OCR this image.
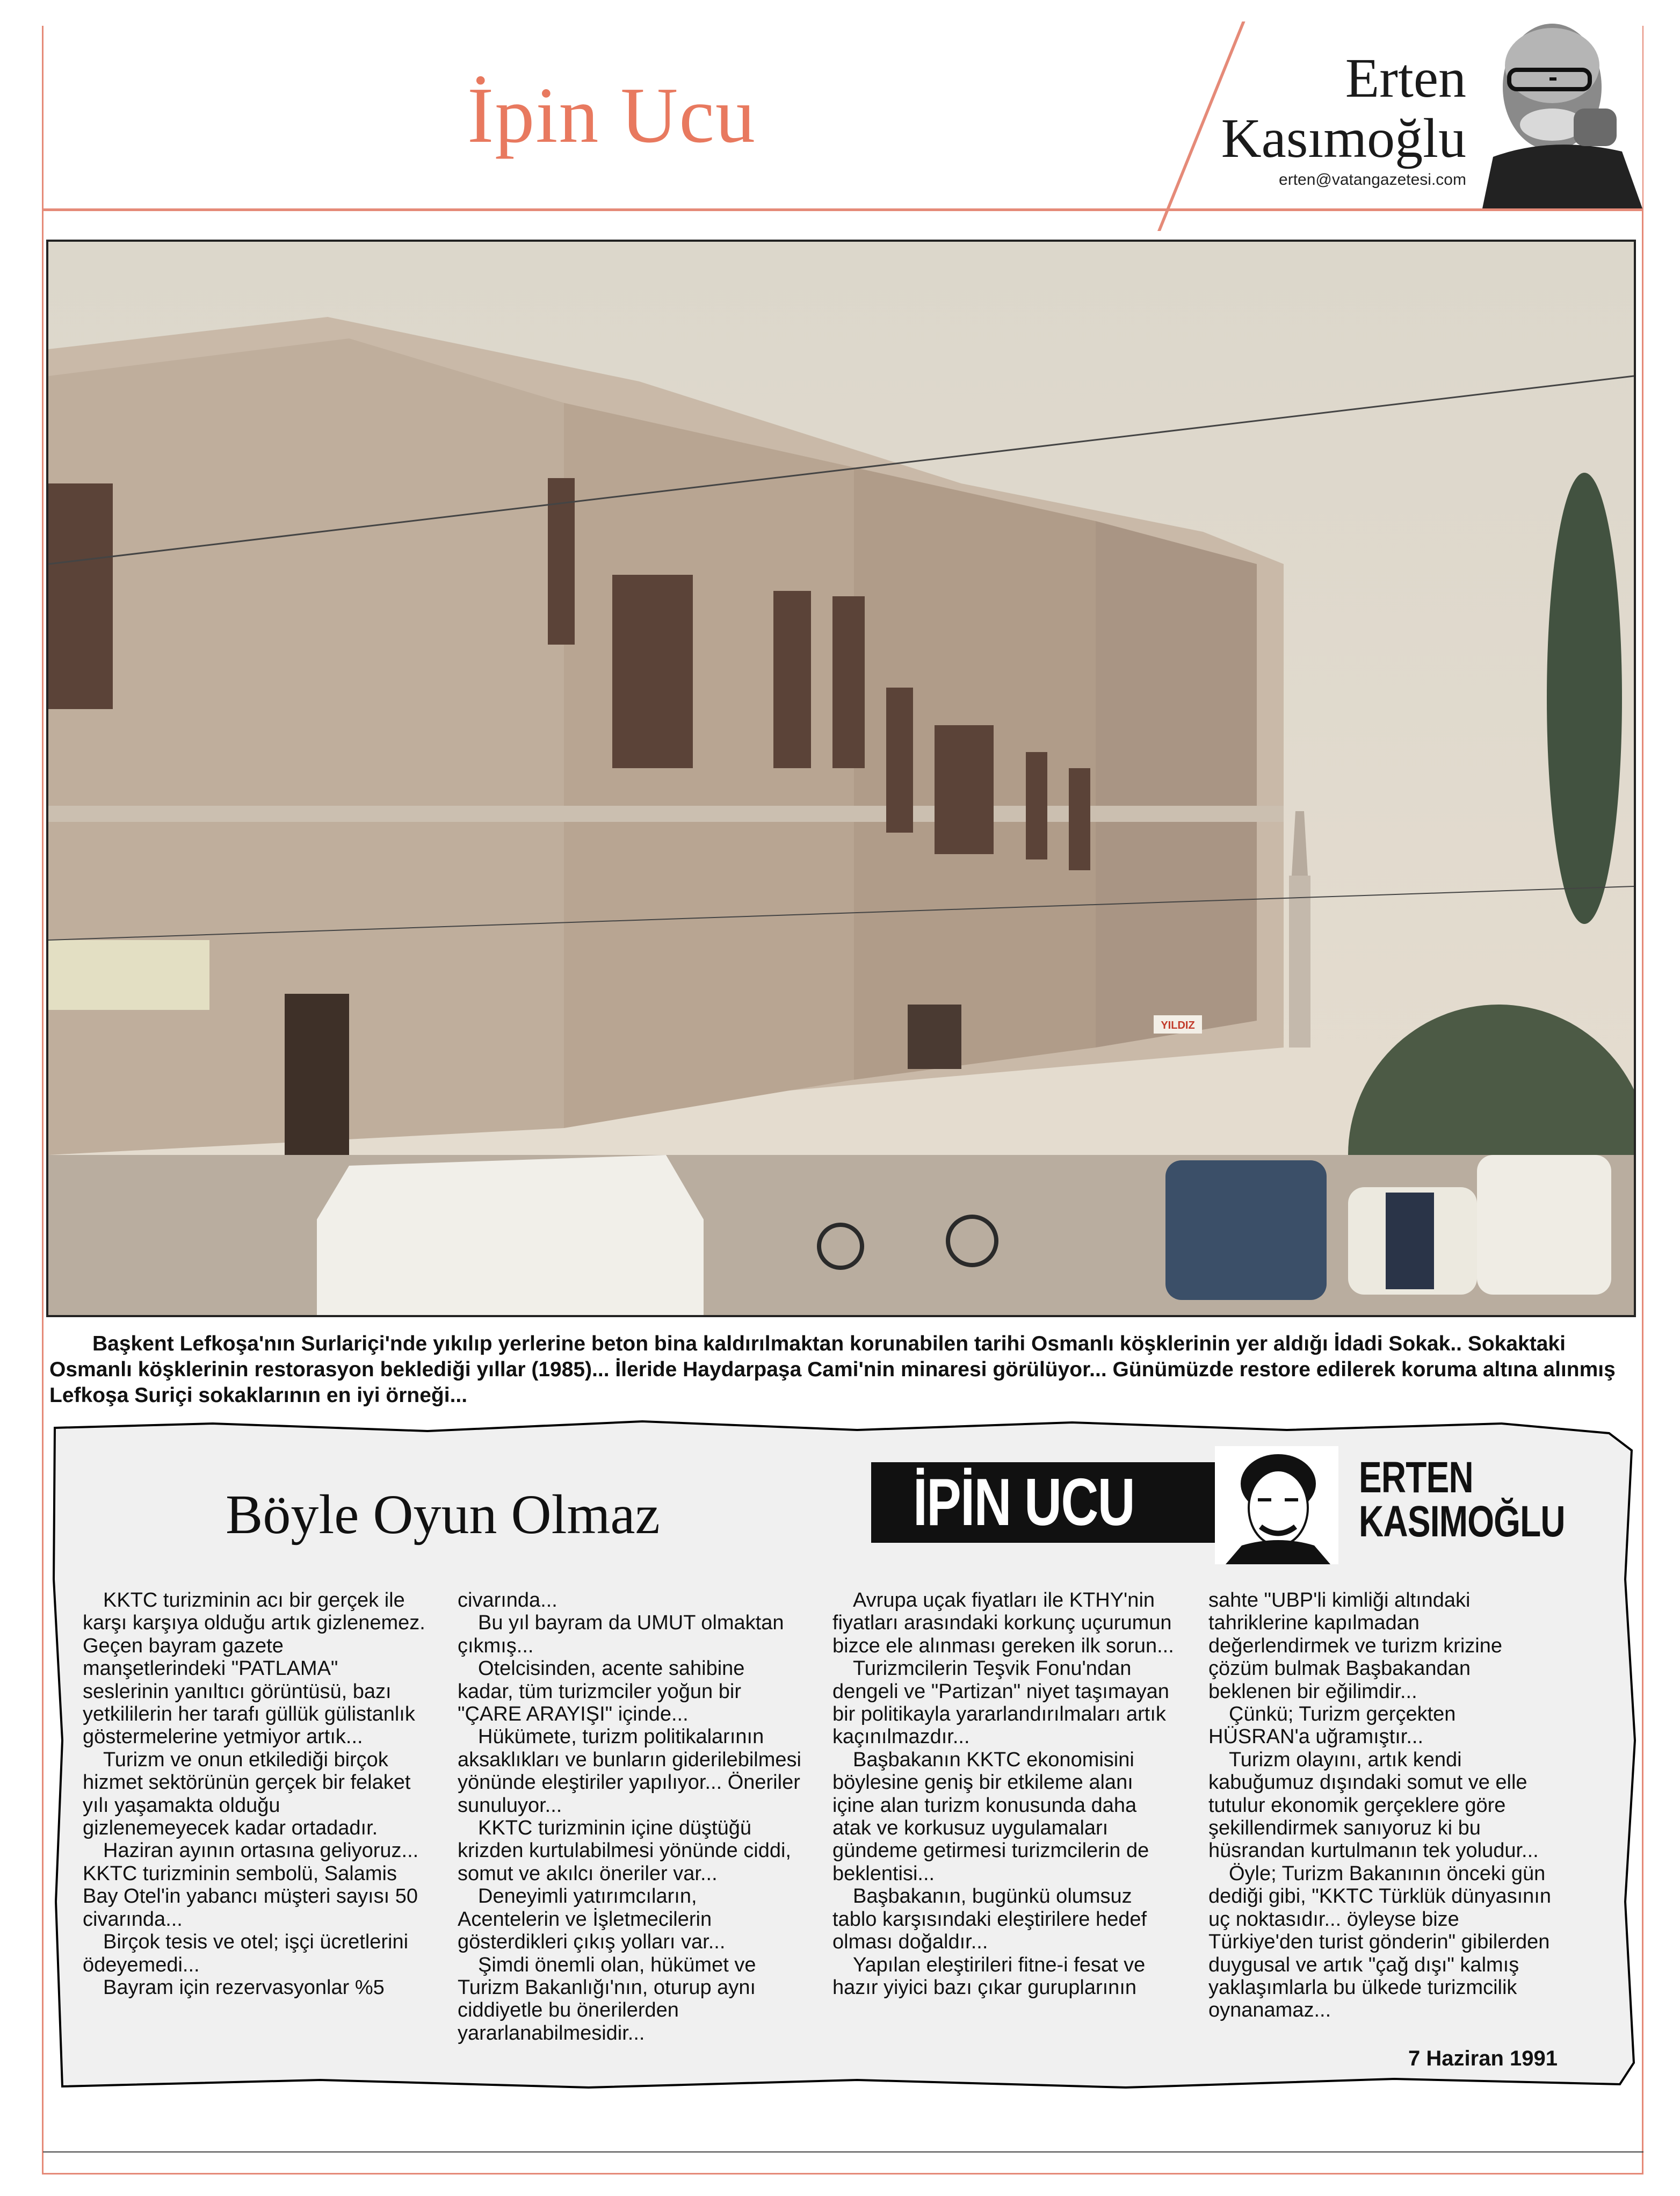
İpin Ucu	Erten
Kasımoğlu
erten@vatangazetesi.com
YILDIZ
Başkent Lefkoşa'nın Surlariçi'nde yıkılıp yerlerine beton bina kaldırılmaktan korunabilen tarihi Osmanlı köşklerinin yer aldığı İdadi Sokak.. Sokaktaki Osmanlı köşklerinin restorasyon beklediği yıllar (1985)... İleride Haydarpaşa Cami'nin minaresi görülüyor... Günümüzde restore edilerek koruma altına alınmış Lefkoşa Suriçi sokaklarının en iyi örneği...
Böyle Oyun Olmaz	İPİN UCU	ERTEN
KASIMOĞLU

KKTC turizminin acı bir gerçek ile karşı karşıya olduğu artık gizlenemez. Geçen bayram gazete manşetlerindeki "PATLAMA" seslerinin yanıltıcı görüntüsü, bazı yetkililerin her tarafı güllük gülistanlık göstermelerine yetmiyor artık...

Turizm ve onun etkilediği birçok hizmet sektörünün gerçek bir felaket yılı yaşamakta olduğu gizlenemeyecek kadar ortadadır.

Haziran ayının ortasına geliyoruz... KKTC turizminin sembolü, Salamis Bay Otel'in yabancı müşteri sayısı 50 civarında...

Birçok tesis ve otel; işçi ücretlerini ödeyemedi...

Bayram için rezervasyonlar %5

civarında...

Bu yıl bayram da UMUT olmaktan çıkmış...

Otelcisinden, acente sahibine kadar, tüm turizmciler yoğun bir "ÇARE ARAYIŞI" içinde...

Hükümete, turizm politikalarının aksaklıkları ve bunların giderilebilmesi yönünde eleştiriler yapılıyor... Öneriler sunuluyor...

KKTC turizminin içine düştüğü krizden kurtulabilmesi yönünde ciddi, somut ve akılcı öneriler var...

Deneyimli yatırımcıların, Acentelerin ve İşletmecilerin gösterdikleri çıkış yolları var...

Şimdi önemli olan, hükümet ve Turizm Bakanlığı'nın, oturup aynı ciddiyetle bu önerilerden yararlanabilmesidir...

Avrupa uçak fiyatları ile KTHY'nin fiyatları arasındaki korkunç uçurumun bizce ele alınması gereken ilk sorun...

Turizmcilerin Teşvik Fonu'ndan dengeli ve "Partizan" niyet taşımayan bir politikayla yararlandırılmaları artık kaçınılmazdır...

Başbakanın KKTC ekonomisini böylesine geniş bir etkileme alanı içine alan turizm konusunda daha atak ve korkusuz uygulamaları gündeme getirmesi turizmcilerin de beklentisi...

Başbakanın, bugünkü olumsuz tablo karşısındaki eleştirilere hedef olması doğaldır...

Yapılan eleştirileri fitne-i fesat ve hazır yiyici bazı çıkar guruplarının

sahte "UBP'li kimliği altındaki tahriklerine kapılmadan değerlendirmek ve turizm krizine çözüm bulmak Başbakandan beklenen bir eğilimdir...

Çünkü; Turizm gerçekten HÜSRAN'a uğramıştır...

Turizm olayını, artık kendi kabuğumuz dışındaki somut ve elle tutulur ekonomik gerçeklere göre şekillendirmek sanıyoruz ki bu hüsrandan kurtulmanın tek yoludur...

Öyle; Turizm Bakanının önceki gün dediği gibi, "KKTC Türklük dünyasının uç noktasıdır... öyleyse bize Türkiye'den turist gönderin" gibilerden duygusal ve artık "çağ dışı" kalmış yaklaşımlarla bu ülkede turizmcilik oynanamaz...

7 Haziran 1991
